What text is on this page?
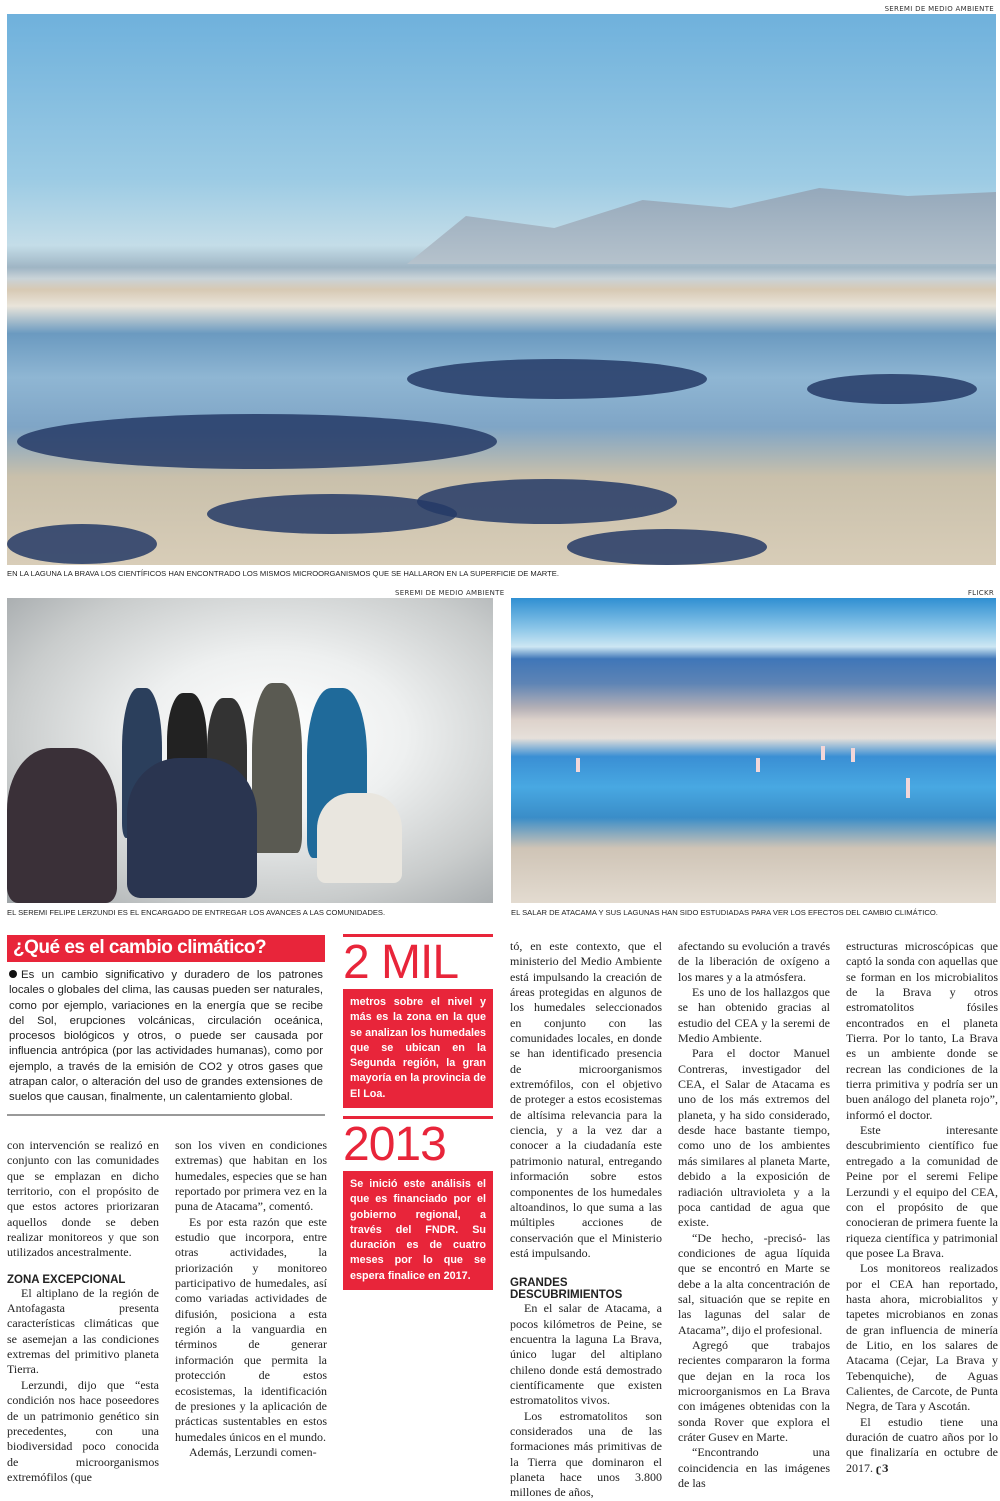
SEREMI DE MEDIO AMBIENTE
EN LA LAGUNA LA BRAVA LOS CIENTÍFICOS HAN ENCONTRADO LOS MISMOS MICROORGANISMOS QUE SE HALLARON EN LA SUPERFICIE DE MARTE.
SEREMI DE MEDIO AMBIENTE	FLICKR
EL SEREMI FELIPE LERZUNDI ES EL ENCARGADO DE ENTREGAR LOS AVANCES A LAS COMUNIDADES.	EL SALAR DE ATACAMA Y SUS LAGUNAS HAN SIDO ESTUDIADAS PARA VER LOS EFECTOS DEL CAMBIO CLIMÁTICO.
¿Qué es el cambio climático?
Es un cambio significativo y duradero de los patrones locales o globales del clima, las causas pueden ser naturales, como por ejemplo, variaciones en la energía que se recibe del Sol, erupciones volcánicas, circulación oceánica, procesos biológicos y otros, o puede ser causada por influencia antrópica (por las actividades humanas), como por ejemplo, a través de la emisión de CO2 y otros gases que atrapan calor, o alteración del uso de grandes extensiones de suelos que causan, finalmente, un calentamiento global.
2 MIL
metros sobre el nivel y más es la zona en la que se analizan los humedales que se ubican en la Segunda región, la gran mayoría en la provincia de El Loa.
2013
Se inició este análisis el que es financiado por el gobierno regional, a través del FNDR. Su duración es de cuatro meses por lo que se espera finalice en 2017.

con intervención se realizó en conjunto con las comunidades que se emplazan en dicho territorio, con el propósito de que estos actores priorizaran aquellos donde se deben realizar monitoreos y que son utilizados ancestralmente.

ZONA EXCEPCIONAL

El altiplano de la región de Antofagasta presenta características climáticas que se asemejan a las condiciones extremas del primitivo planeta Tierra.

Lerzundi, dijo que “esta condición nos hace poseedores de un patrimonio genético sin precedentes, con una biodiversidad poco conocida de microorganismos extremófilos (que

son los viven en condiciones extremas) que habitan en los humedales, especies que se han reportado por primera vez en la puna de Atacama”, comentó.

Es por esta razón que este estudio que incorpora, entre otras actividades, la priorización y monitoreo participativo de humedales, así como variadas actividades de difusión, posiciona a esta región a la vanguardia en términos de generar información que permita la protección de estos ecosistemas, la identificación de presiones y la aplicación de prácticas sustentables en estos humedales únicos en el mundo.

Además, Lerzundi comen-

tó, en este contexto, que el ministerio del Medio Ambiente está impulsando la creación de áreas protegidas en algunos de los humedales seleccionados en conjunto con las comunidades locales, en donde se han identificado presencia de microorganismos extremófilos, con el objetivo de proteger a estos ecosistemas de altísima relevancia para la ciencia, y a la vez dar a conocer a la ciudadanía este patrimonio natural, entregando información sobre estos componentes de los humedales altoandinos, lo que suma a las múltiples acciones de conservación que el Ministerio está impulsando.

GRANDES DESCUBRIMIENTOS

En el salar de Atacama, a pocos kilómetros de Peine, se encuentra la laguna La Brava, único lugar del altiplano chileno donde está demostrado científicamente que existen estromatolitos vivos.

Los estromatolitos son considerados una de las formaciones más primitivas de la Tierra que dominaron el planeta hace unos 3.800 millones de años,

afectando su evolución a través de la liberación de oxígeno a los mares y a la atmósfera.

Es uno de los hallazgos que se han obtenido gracias al estudio del CEA y la seremi de Medio Ambiente.

Para el doctor Manuel Contreras, investigador del CEA, el Salar de Atacama es uno de los más extremos del planeta, y ha sido considerado, desde hace bastante tiempo, como uno de los ambientes más similares al planeta Marte, debido a la exposición de radiación ultravioleta y a la poca cantidad de agua que existe.

“De hecho, -precisó- las condiciones de agua líquida que se encontró en Marte se debe a la alta concentración de sal, situación que se repite en las lagunas del salar de Atacama”, dijo el profesional.

Agregó que trabajos recientes compararon la forma que dejan en la roca los microorganismos en La Brava con imágenes obtenidas con la sonda Rover que explora el cráter Gusev en Marte.

“Encontrando una coincidencia en las imágenes de las

estructuras microscópicas que captó la sonda con aquellas que se forman en los microbialitos de la Brava y otros estromatolitos fósiles encontrados en el planeta Tierra. Por lo tanto, La Brava es un ambiente donde se recrean las condiciones de la tierra primitiva y podría ser un buen análogo del planeta rojo”, informó el doctor.

Este interesante descubrimiento científico fue entregado a la comunidad de Peine por el seremi Felipe Lerzundi y el equipo del CEA, con el propósito de que conocieran de primera fuente la riqueza científica y patrimonial que posee La Brava.

Los monitoreos realizados por el CEA han reportado, hasta ahora, microbialitos y tapetes microbianos en zonas de gran influencia de minería de Litio, en los salares de Atacama (Cejar, La Brava y Tebenquiche), de Aguas Calientes, de Carcote, de Punta Negra, de Tara y Ascotán.

El estudio tiene una duración de cuatro años por lo que finalizaría en octubre de 2017. ʗЗ
